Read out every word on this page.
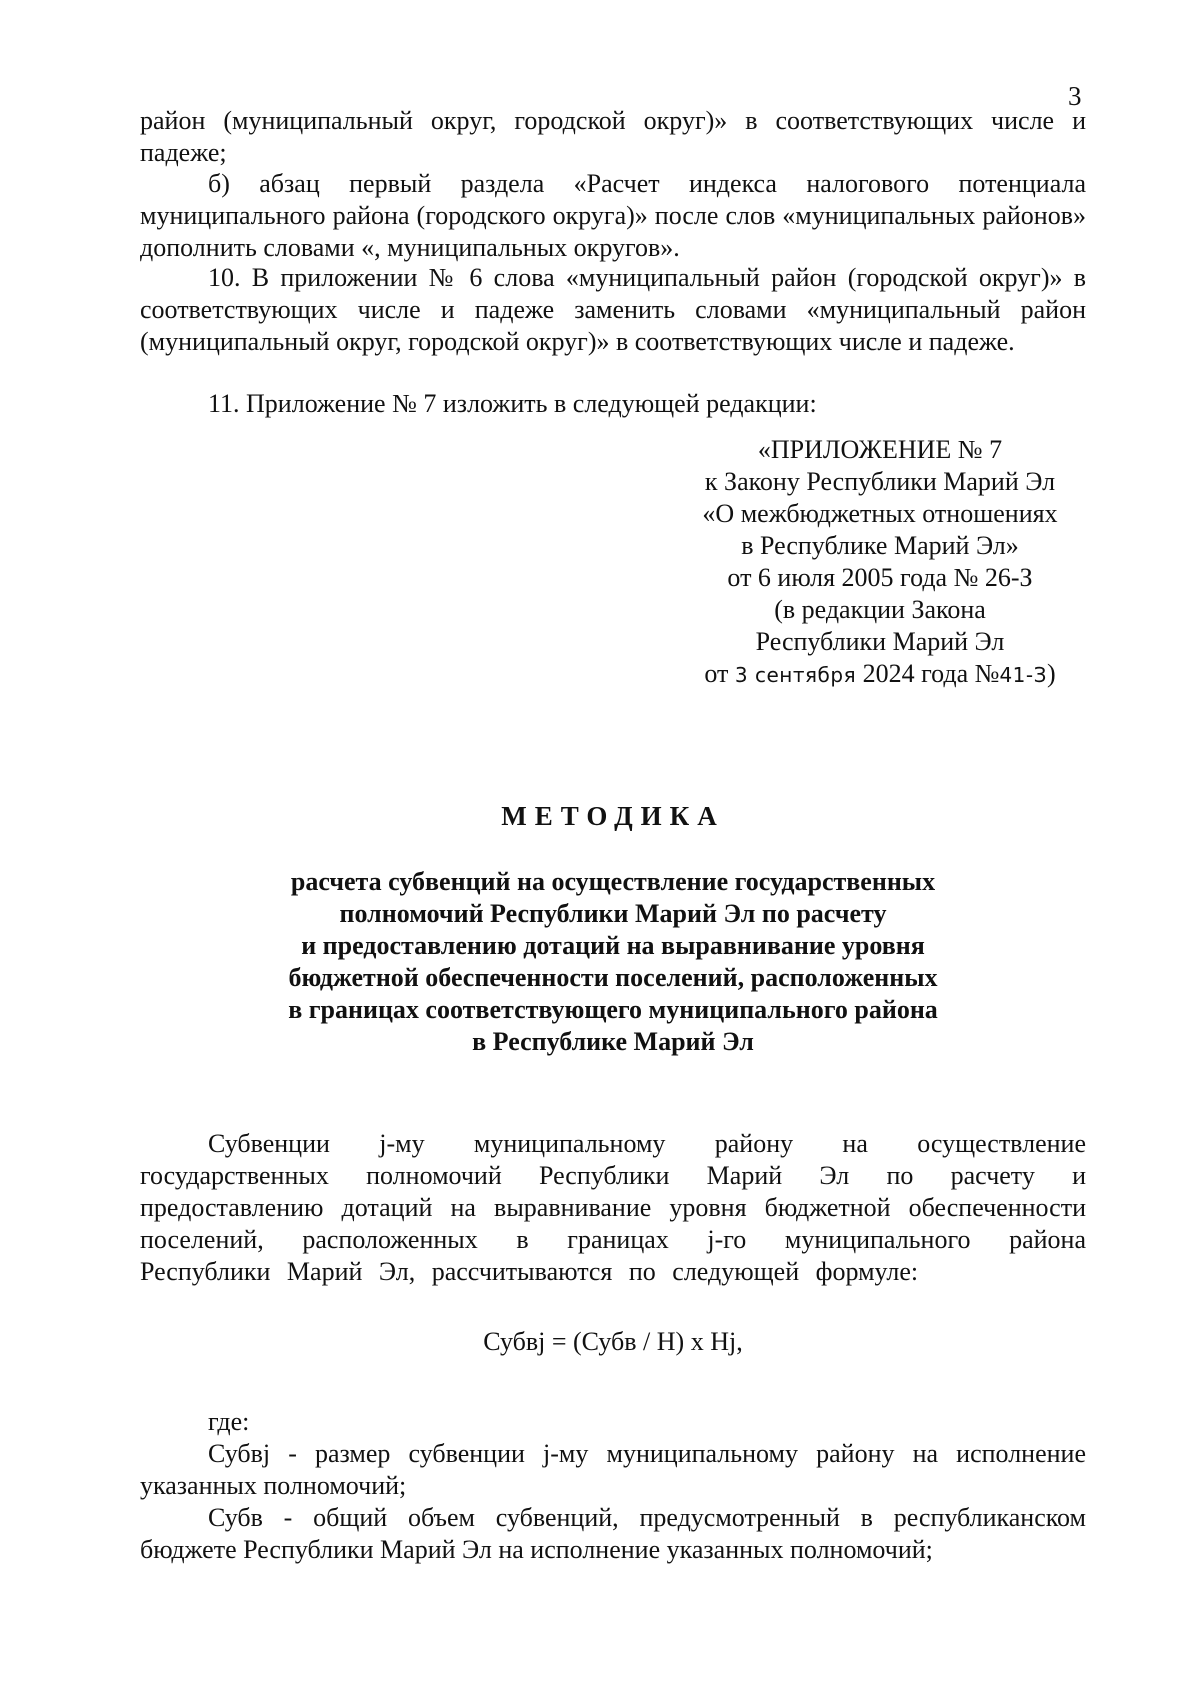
3

район (муниципальный округ, городской округ)» в соответствующих числе и падеже;

б) абзац первый раздела «Расчет индекса налогового потенциала муниципального района (городского округа)» после слов «муниципальных районов» дополнить словами «, муниципальных округов».

10. В приложении № 6 слова «муниципальный район (городской округ)» в соответствующих числе и падеже заменить словами «муниципальный район (муниципальный округ, городской округ)» в соответствующих числе и падеже.

11. Приложение № 7 изложить в следующей редакции:

«ПРИЛОЖЕНИЕ № 7
к Закону Республики Марий Эл
«О межбюджетных отношениях
в Республике Марий Эл»
от 6 июля 2005 года № 26-З
(в редакции Закона
Республики Марий Эл
от 3 сентября 2024 года №41-З)
МЕТОДИКА
расчета субвенций на осуществление государственных
полномочий Республики Марий Эл по расчету
и предоставлению дотаций на выравнивание уровня
бюджетной обеспеченности поселений, расположенных
в границах соответствующего муниципального района
в Республике Марий Эл

Субвенции j-му муниципальному району на осуществление государственных полномочий Республики Марий Эл по расчету и предоставлению дотаций на выравнивание уровня бюджетной обеспеченности поселений, расположенных в границах j-го муниципального района Республики Марий Эл, рассчитываются по следующей формуле:

Субвj = (Субв / Н) х Нj,

где:

Субвj - размер субвенции j-му муниципальному району на исполнение указанных полномочий;

Субв - общий объем субвенций, предусмотренный в республиканском бюджете Республики Марий Эл на исполнение указанных полномочий;
